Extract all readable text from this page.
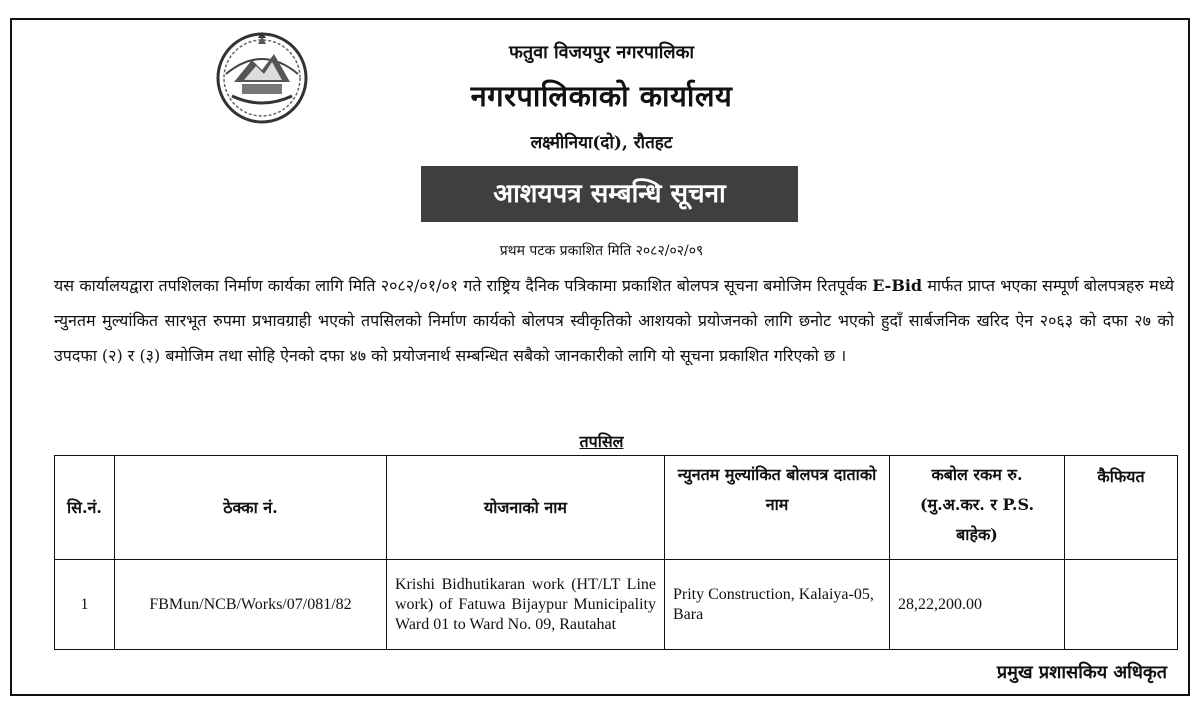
फतुवा विजयपुर नगरपालिका
नगरपालिकाको कार्यालय
लक्ष्मीनिया(दो), रौतहट
आशयपत्र सम्बन्धि सूचना
प्रथम पटक प्रकाशित मिति २०८२/०२/०९

यस कार्यालयद्वारा तपशिलका निर्माण कार्यका लागि मिति २०८२/०१/०१ गते राष्ट्रिय दैनिक पत्रिकामा प्रकाशित बोलपत्र सूचना बमोजिम रितपूर्वक E-Bid मार्फत प्राप्त भएका सम्पूर्ण बोलपत्रहरु मध्ये न्युनतम मुल्यांकित सारभूत रुपमा प्रभावग्राही भएको तपसिलको निर्माण कार्यको बोलपत्र स्वीकृतिको आशयको प्रयोजनको लागि छनोट भएको हुदाँ सार्बजनिक खरिद ऐन २०६३ को दफा २७ को उपदफा (२) र (३) बमोजिम तथा सोहि ऐनको दफा ४७ को प्रयोजनार्थ सम्बन्धित सबैको जानकारीको लागि यो सूचना प्रकाशित गरिएको छ ।

तपसिल
सि.नं.	ठेक्का नं.	योजनाको नाम	न्युनतम मुल्यांकित बोलपत्र दाताको नाम	कबोल रकम रु. (मु.अ.कर. र P.S. बाहेक)	कैफियत
1	FBMun/NCB/Works/07/081/82	Krishi Bidhutikaran work (HT/LT Line work) of Fatuwa Bijaypur Municipality Ward 01 to Ward No. 09, Rautahat	Prity Construction, Kalaiya-05, Bara	28,22,200.00	
प्रमुख प्रशासकिय अधिकृत
